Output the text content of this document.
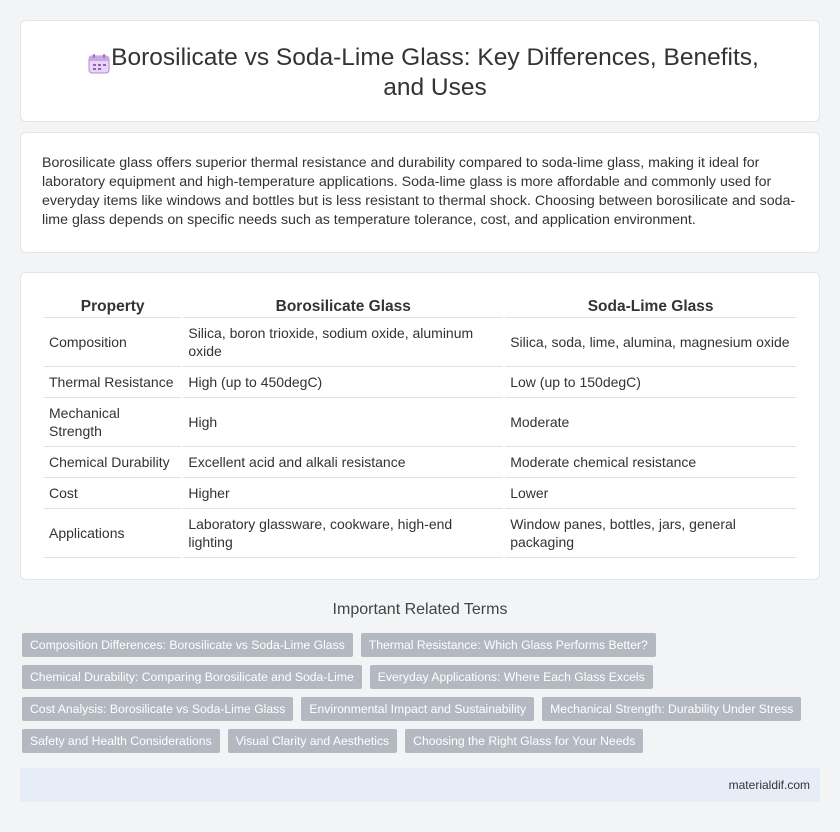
Borosilicate vs Soda-Lime Glass: Key Differences, Benefits, and Uses

Borosilicate glass offers superior thermal resistance and durability compared to soda-lime glass, making it ideal for laboratory equipment and high-temperature applications. Soda-lime glass is more affordable and commonly used for everyday items like windows and bottles but is less resistant to thermal shock. Choosing between borosilicate and soda-lime glass depends on specific needs such as temperature tolerance, cost, and application environment.

Property	Borosilicate Glass	Soda-Lime Glass
Composition	Silica, boron trioxide, sodium oxide, aluminum oxide	Silica, soda, lime, alumina, magnesium oxide
Thermal Resistance	High (up to 450degC)	Low (up to 150degC)
Mechanical Strength	High	Moderate
Chemical Durability	Excellent acid and alkali resistance	Moderate chemical resistance
Cost	Higher	Lower
Applications	Laboratory glassware, cookware, high-end lighting	Window panes, bottles, jars, general packaging
Important Related Terms
Composition Differences: Borosilicate vs Soda-Lime Glass	Thermal Resistance: Which Glass Performs Better?
Chemical Durability: Comparing Borosilicate and Soda-Lime	Everyday Applications: Where Each Glass Excels
Cost Analysis: Borosilicate vs Soda-Lime Glass	Environmental Impact and Sustainability	Mechanical Strength: Durability Under Stress
Safety and Health Considerations	Visual Clarity and Aesthetics	Choosing the Right Glass for Your Needs
materialdif.com
